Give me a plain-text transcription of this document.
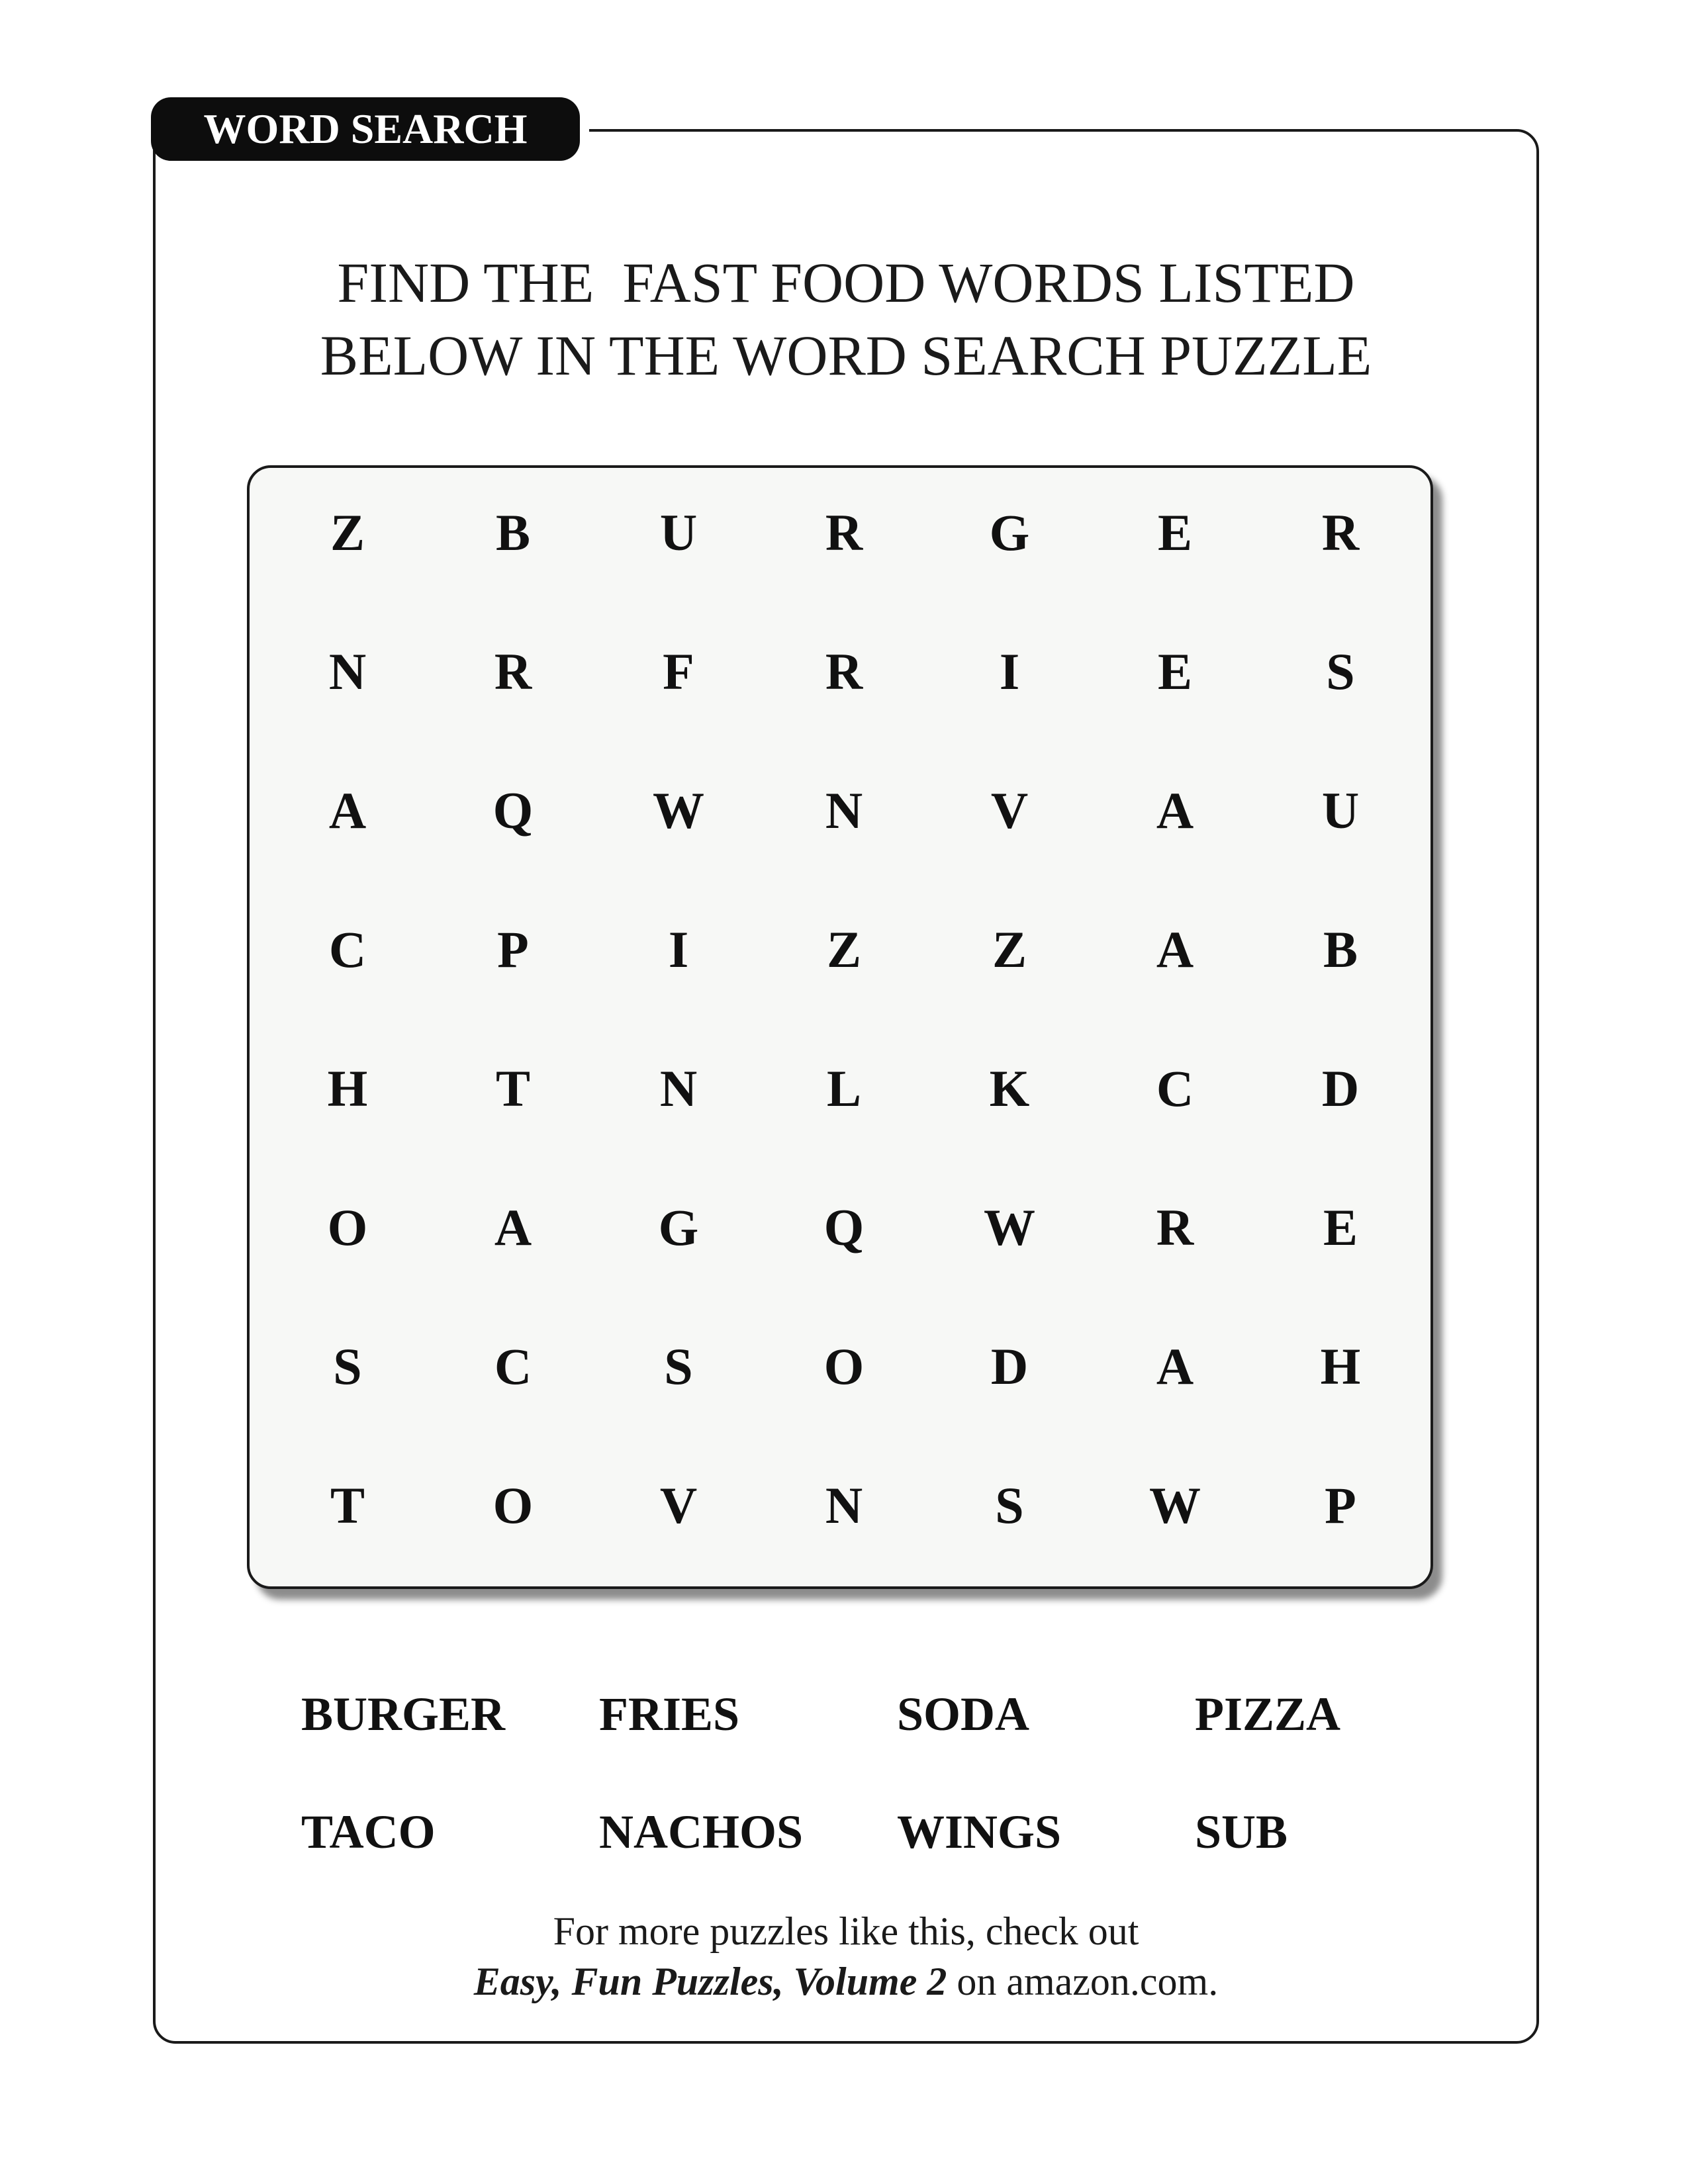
WORD SEARCH
FIND THE  FAST FOOD WORDS LISTED
BELOW IN THE WORD SEARCH PUZZLE
Z	B	U	R	G	E	R
N	R	F	R	I	E	S
A	Q	W	N	V	A	U
C	P	I	Z	Z	A	B
H	T	N	L	K	C	D
O	A	G	Q	W	R	E
S	C	S	O	D	A	H
T	O	V	N	S	W	P
BURGER	FRIES	SODA	PIZZA
TACO	NACHOS	WINGS	SUB
For more puzzles like this, check out
Easy, Fun Puzzles, Volume 2 on amazon.com.
